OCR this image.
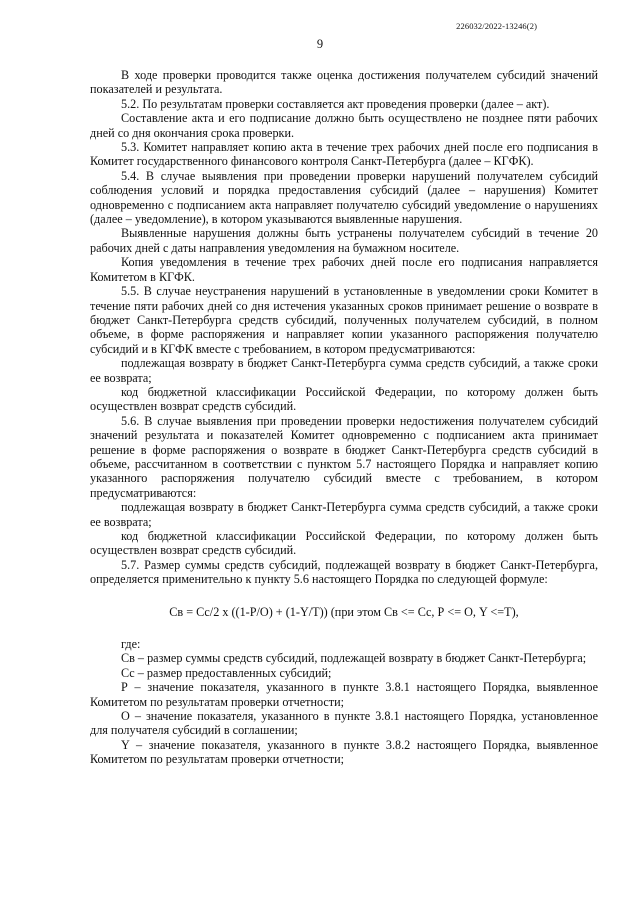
226032/2022-13246(2)
9

В ходе проверки проводится также оценка достижения получателем субсидий значений показателей и результата.

5.2. По результатам проверки составляется акт проведения проверки (далее – акт).

Составление акта и его подписание должно быть осуществлено не позднее пяти рабочих дней со дня окончания срока проверки.

5.3. Комитет направляет копию акта в течение трех рабочих дней после его подписания в Комитет государственного финансового контроля Санкт-Петербурга (далее – КГФК).

5.4. В случае выявления при проведении проверки нарушений получателем субсидий соблюдения условий и порядка предоставления субсидий (далее – нарушения) Комитет одновременно с подписанием акта направляет получателю субсидий уведомление о нарушениях (далее – уведомление), в котором указываются выявленные нарушения.

Выявленные нарушения должны быть устранены получателем субсидий в течение 20 рабочих дней с даты направления уведомления на бумажном носителе.

Копия уведомления в течение трех рабочих дней после его подписания направляется Комитетом в КГФК.

5.5. В случае неустранения нарушений в установленные в уведомлении сроки Комитет в течение пяти рабочих дней со дня истечения указанных сроков принимает решение о возврате в бюджет Санкт-Петербурга средств субсидий, полученных получателем субсидий, в полном объеме, в форме распоряжения и направляет копии указанного распоряжения получателю субсидий и в КГФК вместе с требованием, в котором предусматриваются:

подлежащая возврату в бюджет Санкт-Петербурга сумма средств субсидий, а также сроки ее возврата;

код бюджетной классификации Российской Федерации, по которому должен быть осуществлен возврат средств субсидий.

5.6. В случае выявления при проведении проверки недостижения получателем субсидий значений результата и показателей Комитет одновременно с подписанием акта принимает решение в форме распоряжения о возврате в бюджет Санкт-Петербурга средств субсидий в объеме, рассчитанном в соответствии с пунктом 5.7 настоящего Порядка и направляет копию указанного распоряжения получателю субсидий вместе с требованием, в котором предусматриваются:

подлежащая возврату в бюджет Санкт-Петербурга сумма средств субсидий, а также сроки ее возврата;

код бюджетной классификации Российской Федерации, по которому должен быть осуществлен возврат средств субсидий.

5.7. Размер суммы средств субсидий, подлежащей возврату в бюджет Санкт-Петербурга, определяется применительно к пункту 5.6 настоящего Порядка по следующей формуле:

Св = Сс/2 х ((1-Р/О) + (1-Y/T)) (при этом Св <= Сс, Р <= О, Y <=Т),

где:

Св – размер суммы средств субсидий, подлежащей возврату в бюджет Санкт-Петербурга;

Сс – размер предоставленных субсидий;

Р – значение показателя, указанного в пункте 3.8.1 настоящего Порядка, выявленное Комитетом по результатам проверки отчетности;

О – значение показателя, указанного в пункте 3.8.1 настоящего Порядка, установленное для получателя субсидий в соглашении;

Y – значение показателя, указанного в пункте 3.8.2 настоящего Порядка, выявленное Комитетом по результатам проверки отчетности;
